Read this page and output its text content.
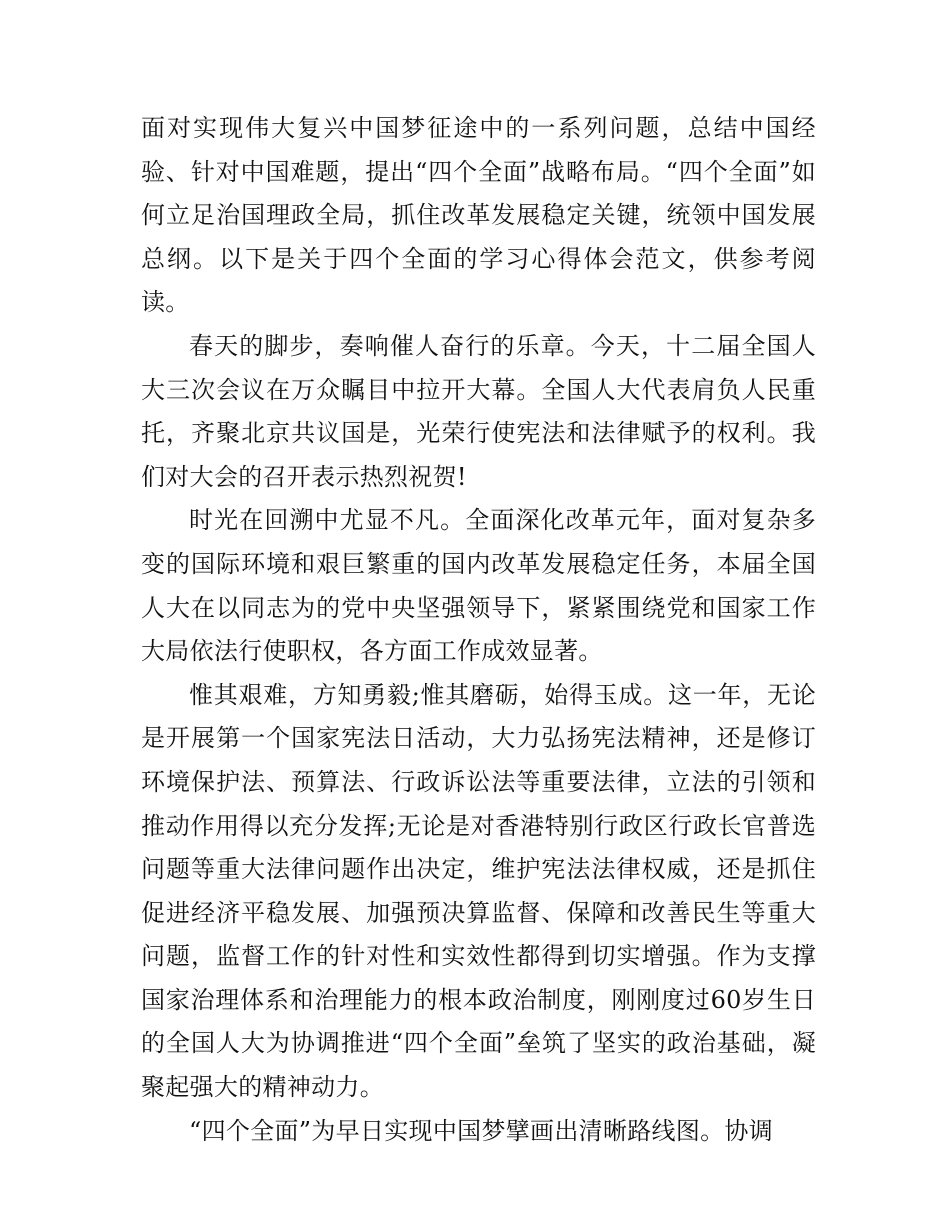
面对实现伟大复兴中国梦征途中的一系列问题，总结中国经验、针对中国难题，提出“四个全面”战略布局。“四个全面”如何立足治国理政全局，抓住改革发展稳定关键，统领中国发展总纲。以下是关于四个全面的学习心得体会范文，供参考阅读。

春天的脚步，奏响催人奋行的乐章。今天，十二届全国人大三次会议在万众瞩目中拉开大幕。全国人大代表肩负人民重托，齐聚北京共议国是，光荣行使宪法和法律赋予的权利。我们对大会的召开表示热烈祝贺!

时光在回溯中尤显不凡。全面深化改革元年，面对复杂多变的国际环境和艰巨繁重的国内改革发展稳定任务，本届全国人大在以同志为的党中央坚强领导下，紧紧围绕党和国家工作大局依法行使职权，各方面工作成效显著。

惟其艰难，方知勇毅;惟其磨砺，始得玉成。这一年，无论是开展第一个国家宪法日活动，大力弘扬宪法精神，还是修订环境保护法、预算法、行政诉讼法等重要法律，立法的引领和推动作用得以充分发挥;无论是对香港特别行政区行政长官普选问题等重大法律问题作出决定，维护宪法法律权威，还是抓住促进经济平稳发展、加强预决算监督、保障和改善民生等重大问题，监督工作的针对性和实效性都得到切实增强。作为支撑国家治理体系和治理能力的根本政治制度，刚刚度过60岁生日的全国人大为协调推进“四个全面”垒筑了坚实的政治基础，凝聚起强大的精神动力。

“四个全面”为早日实现中国梦擘画出清晰路线图。协调
